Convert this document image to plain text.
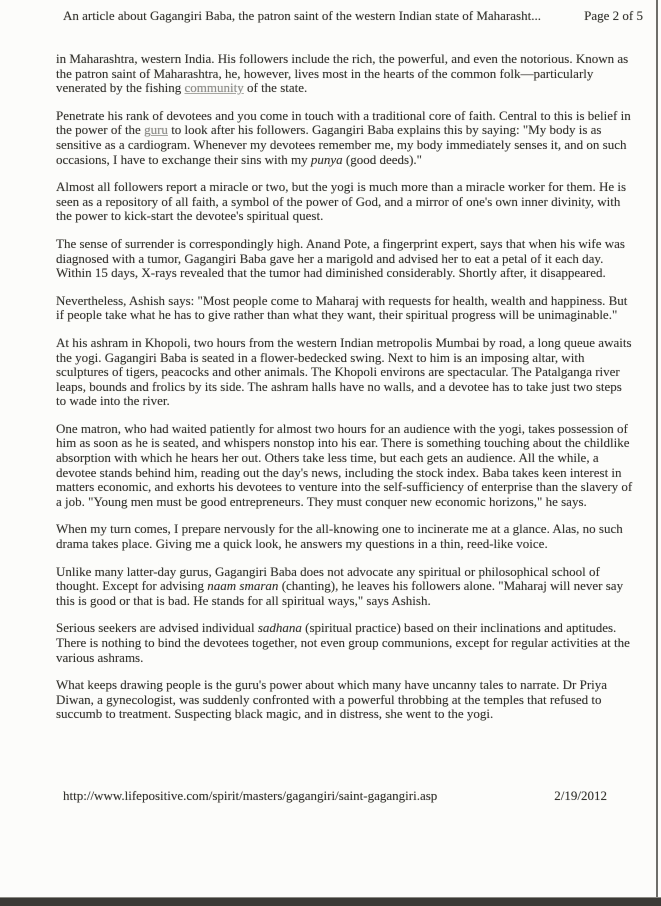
An article about Gagangiri Baba, the patron saint of the western Indian state of Maharasht...	Page 2 of 5

in Maharashtra, western India. His followers include the rich, the powerful, and even the notorious. Known as the patron saint of Maharashtra, he, however, lives most in the hearts of the common folk—particularly venerated by the fishing community of the state.

Penetrate his rank of devotees and you come in touch with a traditional core of faith. Central to this is belief in the power of the guru to look after his followers. Gagangiri Baba explains this by saying: "My body is as sensitive as a cardiogram. Whenever my devotees remember me, my body immediately senses it, and on such occasions, I have to exchange their sins with my punya (good deeds)."

Almost all followers report a miracle or two, but the yogi is much more than a miracle worker for them. He is seen as a repository of all faith, a symbol of the power of God, and a mirror of one's own inner divinity, with the power to kick-start the devotee's spiritual quest.

The sense of surrender is correspondingly high. Anand Pote, a fingerprint expert, says that when his wife was diagnosed with a tumor, Gagangiri Baba gave her a marigold and advised her to eat a petal of it each day. Within 15 days, X-rays revealed that the tumor had diminished considerably. Shortly after, it disappeared.

Nevertheless, Ashish says: "Most people come to Maharaj with requests for health, wealth and happiness. But if people take what he has to give rather than what they want, their spiritual progress will be unimaginable."

At his ashram in Khopoli, two hours from the western Indian metropolis Mumbai by road, a long queue awaits the yogi. Gagangiri Baba is seated in a flower-bedecked swing. Next to him is an imposing altar, with sculptures of tigers, peacocks and other animals. The Khopoli environs are spectacular. The Patalganga river leaps, bounds and frolics by its side. The ashram halls have no walls, and a devotee has to take just two steps to wade into the river.

One matron, who had waited patiently for almost two hours for an audience with the yogi, takes possession of him as soon as he is seated, and whispers nonstop into his ear. There is something touching about the childlike absorption with which he hears her out. Others take less time, but each gets an audience. All the while, a devotee stands behind him, reading out the day's news, including the stock index. Baba takes keen interest in matters economic, and exhorts his devotees to venture into the self-sufficiency of enterprise than the slavery of a job. "Young men must be good entrepreneurs. They must conquer new economic horizons," he says.

When my turn comes, I prepare nervously for the all-knowing one to incinerate me at a glance. Alas, no such drama takes place. Giving me a quick look, he answers my questions in a thin, reed-like voice.

Unlike many latter-day gurus, Gagangiri Baba does not advocate any spiritual or philosophical school of thought. Except for advising naam smaran (chanting), he leaves his followers alone. "Maharaj will never say this is good or that is bad. He stands for all spiritual ways," says Ashish.

Serious seekers are advised individual sadhana (spiritual practice) based on their inclinations and aptitudes. There is nothing to bind the devotees together, not even group communions, except for regular activities at the various ashrams.

What keeps drawing people is the guru's power about which many have uncanny tales to narrate. Dr Priya Diwan, a gynecologist, was suddenly confronted with a powerful throbbing at the temples that refused to succumb to treatment. Suspecting black magic, and in distress, she went to the yogi.

http://www.lifepositive.com/spirit/masters/gagangiri/saint-gagangiri.asp	2/19/2012
